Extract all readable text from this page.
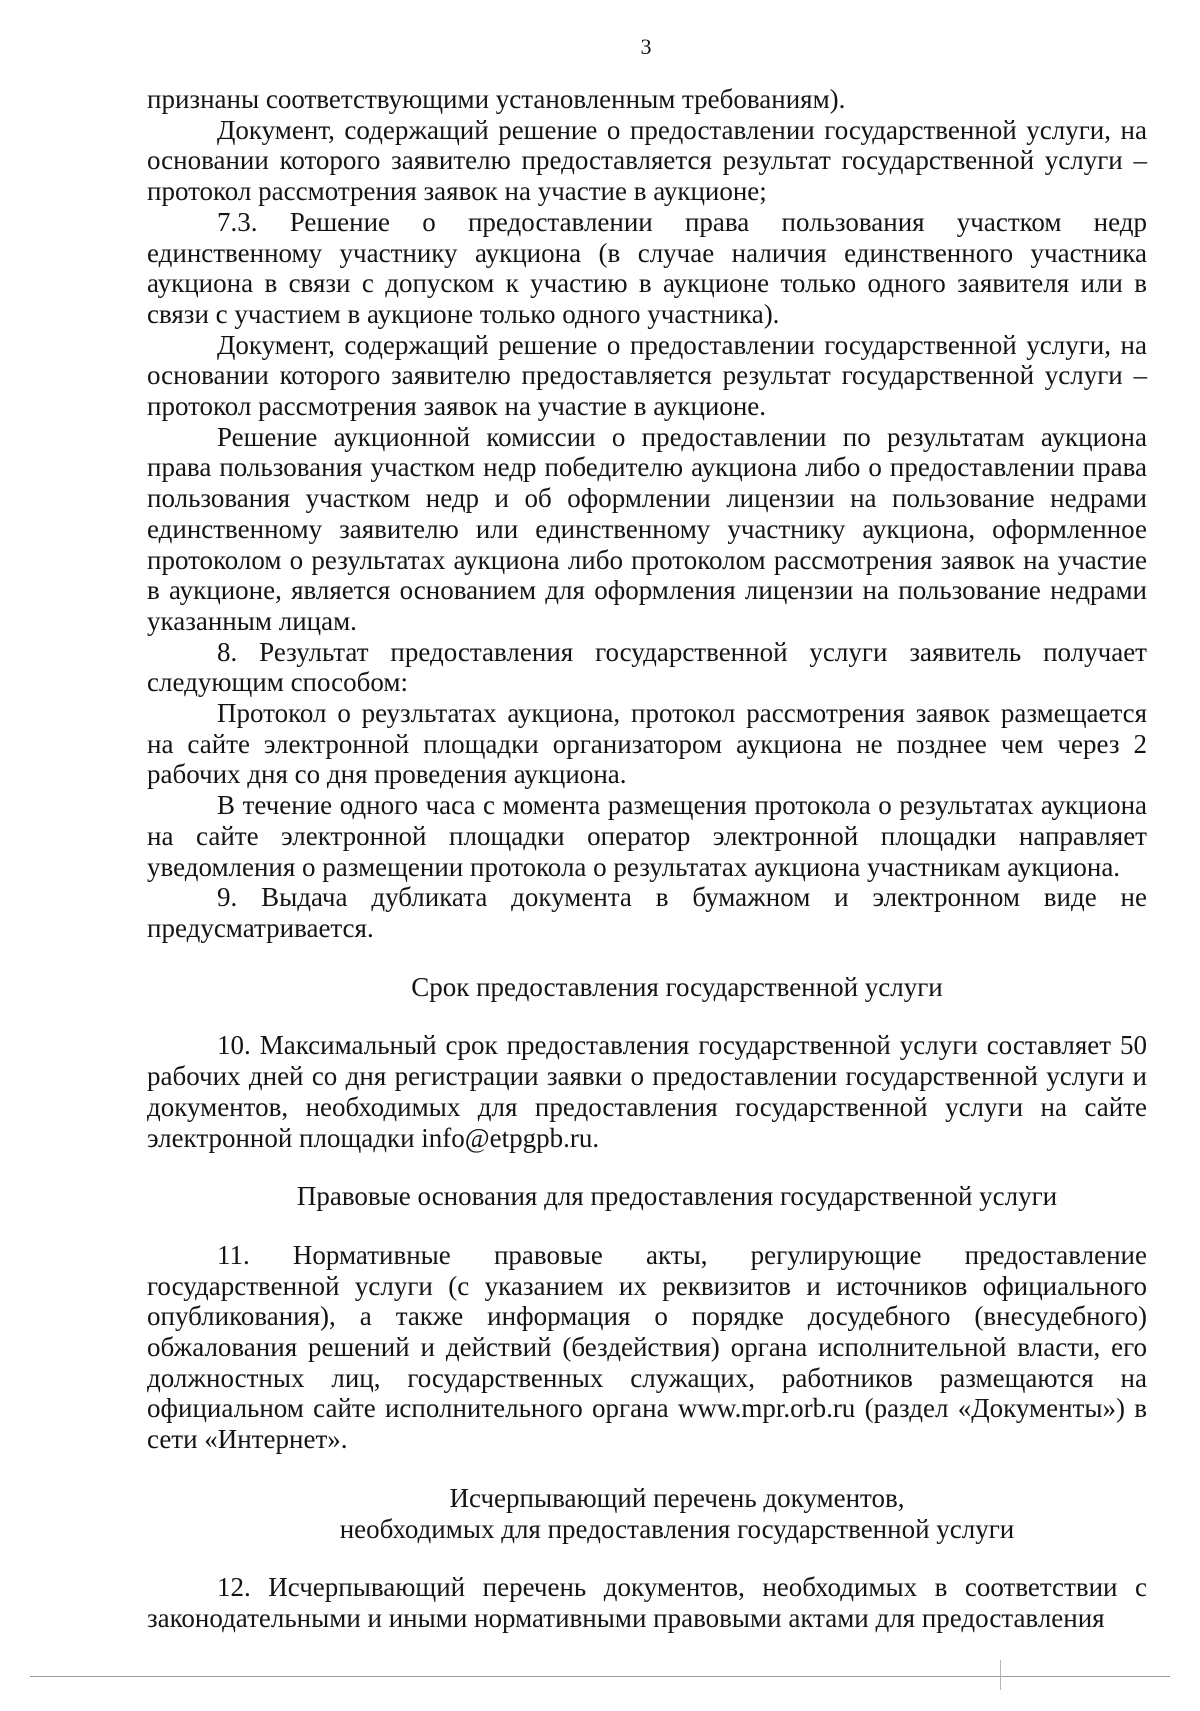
3

признаны соответствующими установленным требованиям).

Документ, содержащий решение о предоставлении государственной услуги, на основании которого заявителю предоставляется результат государственной услуги – протокол рассмотрения заявок на участие в аукционе;

7.3. Решение о предоставлении права пользования участком недр единственному участнику аукциона (в случае наличия единственного участника аукциона в связи с допуском к участию в аукционе только одного заявителя или в связи с участием в аукционе только одного участника).

Документ, содержащий решение о предоставлении государственной услуги, на основании которого заявителю предоставляется результат государственной услуги – протокол рассмотрения заявок на участие в аукционе.

Решение аукционной комиссии о предоставлении по результатам аукциона права пользования участком недр победителю аукциона либо о предоставлении права пользования участком недр и об оформлении лицензии на пользование недрами единственному заявителю или единственному участнику аукциона, оформленное протоколом о результатах аукциона либо протоколом рассмотрения заявок на участие в аукционе, является основанием для оформления лицензии на пользование недрами указанным лицам.

8. Результат предоставления государственной услуги заявитель получает следующим способом:

Протокол о реузльтатах аукциона, протокол рассмотрения заявок размещается на сайте электронной площадки организатором аукциона не позднее чем через 2 рабочих дня со дня проведения аукциона.

В течение одного часа с момента размещения протокола о результатах аукциона на сайте электронной площадки оператор электронной площадки направляет уведомления о размещении протокола о результатах аукциона участникам аукциона.

9. Выдача дубликата документа в бумажном и электронном виде не предусматривается.

Срок предоставления государственной услуги

10. Максимальный срок предоставления государственной услуги составляет 50 рабочих дней со дня регистрации заявки о предоставлении государственной услуги и документов, необходимых для предоставления государственной услуги на сайте электронной площадки info@etpgpb.ru.

Правовые основания для предоставления государственной услуги

11. Нормативные правовые акты, регулирующие предоставление государственной услуги (с указанием их реквизитов и источников официального опубликования), а также информация о порядке досудебного (внесудебного) обжалования решений и действий (бездействия) органа исполнительной власти, его должностных лиц, государственных служащих, работников размещаются на официальном сайте исполнительного органа www.mpr.orb.ru (раздел «Документы») в сети «Интернет».

Исчерпывающий перечень документов,
необходимых для предоставления государственной услуги

12. Исчерпывающий перечень документов, необходимых в соответствии с законодательными и иными нормативными правовыми актами для предоставления
